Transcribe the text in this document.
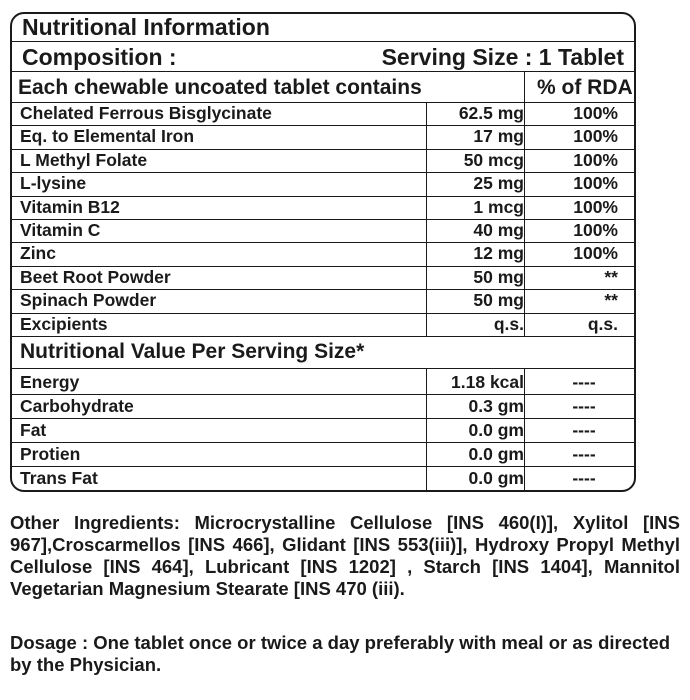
Nutritional Information
Composition :	Serving Size : 1 Tablet
Each chewable uncoated tablet contains	% of RDA
Chelated Ferrous Bisglycinate	62.5 mg	100%
Eq. to Elemental Iron	17 mg	100%
L Methyl Folate	50 mcg	100%
L-lysine	25 mg	100%
Vitamin B12	1 mcg	100%
Vitamin C	40 mg	100%
Zinc	12 mg	100%
Beet Root Powder	50 mg	**
Spinach Powder	50 mg	**
Excipients	q.s.	q.s.
Nutritional Value Per Serving Size*
Energy	1.18 kcal	----
Carbohydrate	0.3 gm	----
Fat	0.0 gm	----
Protien	0.0 gm	----
Trans Fat	0.0 gm	----
Other Ingredients: Microcrystalline Cellulose [INS 460(I)], Xylitol [INS 967],Croscarmellos [INS 466], Glidant [INS 553(iii)], Hydroxy Propyl Methyl Cellulose [INS 464], Lubricant [INS 1202] , Starch [INS 1404], Mannitol Vegetarian Magnesium Stearate [INS 470 (iii).
Dosage : One tablet once or twice a day preferably with meal or as directed by the Physician.
